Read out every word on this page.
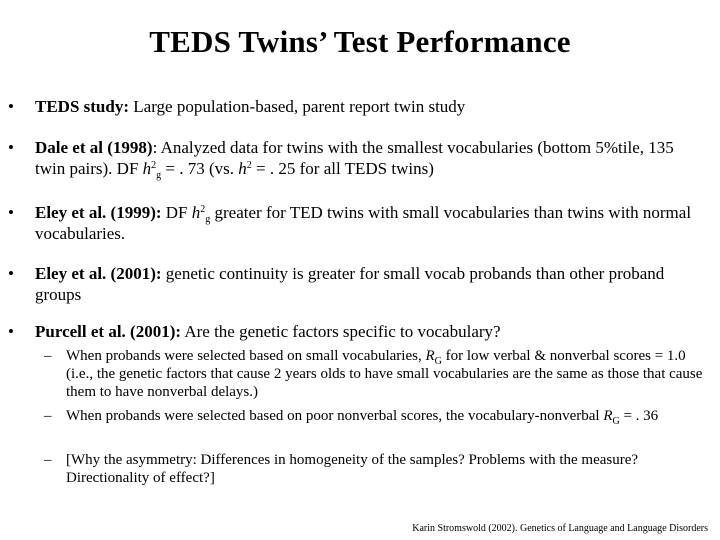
TEDS Twins’ Test Performance
•	TEDS study: Large population-based, parent report twin study
•	Dale et al (1998): Analyzed data for twins with the smallest vocabularies (bottom 5%tile, 135 twin pairs). DF $h^2_g$ = . 73 (vs. $h^2$ = . 25 for all TEDS twins)
•	Eley et al. (1999): DF $h^2_g$ greater for TED twins with small vocabularies than twins with normal vocabularies.
•	Eley et al. (2001): genetic continuity is greater for small vocab probands than other proband groups
•	Purcell et al. (2001): Are the genetic factors specific to vocabulary?
– When probands were selected based on small vocabularies, $R_G$ for low verbal & nonverbal scores = 1.0 (i.e., the genetic factors that cause 2 years olds to have small vocabularies are the same as those that cause them to have nonverbal delays.)
– When probands were selected based on poor nonverbal scores, the vocabulary-nonverbal $R_G$ = . 36
– [Why the asymmetry: Differences in homogeneity of the samples? Problems with the measure? Directionality of effect?]
Karin Stromswold (2002). Genetics of Language and Language Disorders
